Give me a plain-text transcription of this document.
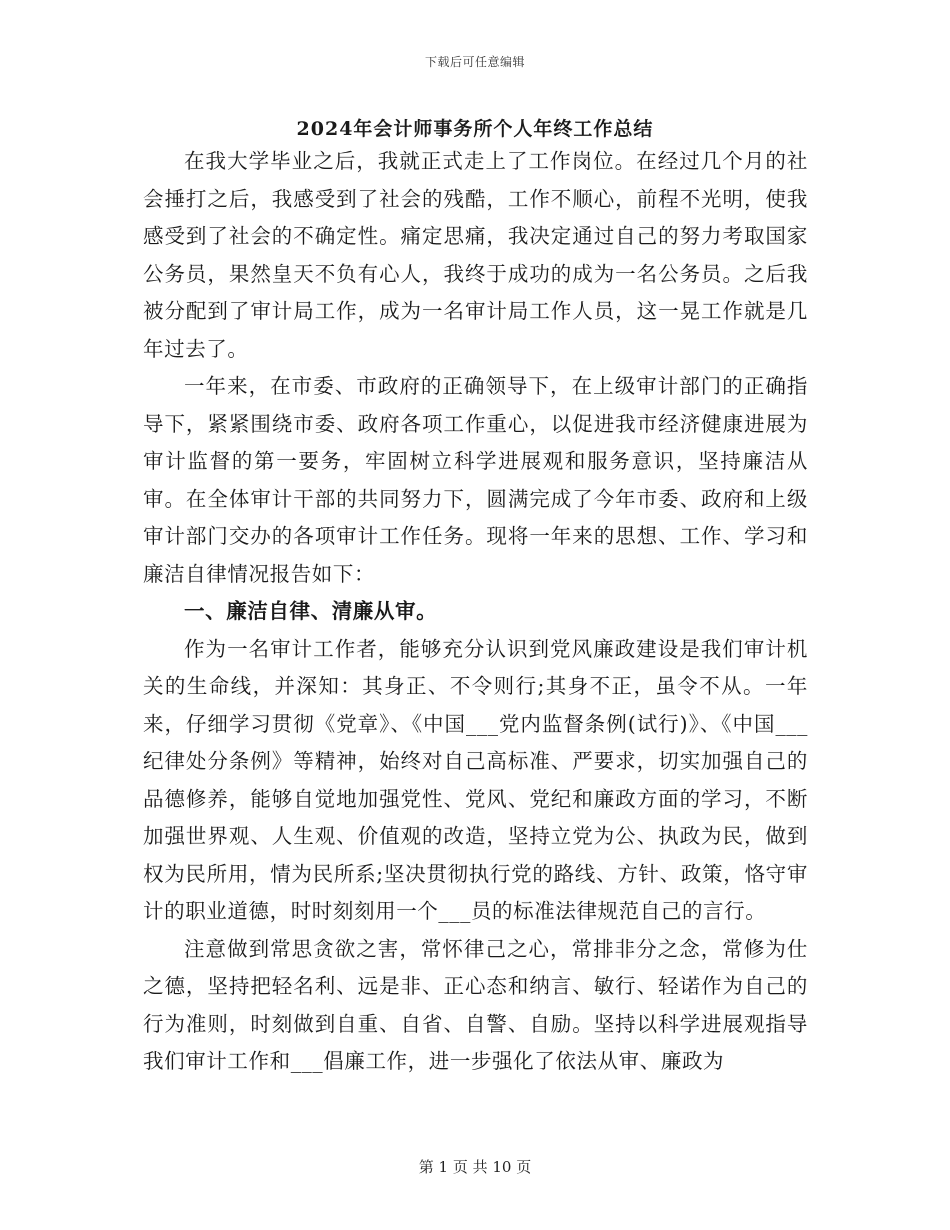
下载后可任意编辑
2024年会计师事务所个人年终工作总结

在我大学毕业之后，我就正式走上了工作岗位。在经过几个月的社会捶打之后，我感受到了社会的残酷，工作不顺心，前程不光明，使我感受到了社会的不确定性。痛定思痛，我决定通过自己的努力考取国家公务员，果然皇天不负有心人，我终于成功的成为一名公务员。之后我被分配到了审计局工作，成为一名审计局工作人员，这一晃工作就是几年过去了。

一年来，在市委、市政府的正确领导下，在上级审计部门的正确指导下，紧紧围绕市委、政府各项工作重心，以促进我市经济健康进展为审计监督的第一要务，牢固树立科学进展观和服务意识，坚持廉洁从审。在全体审计干部的共同努力下，圆满完成了今年市委、政府和上级审计部门交办的各项审计工作任务。现将一年来的思想、工作、学习和廉洁自律情况报告如下：

一、廉洁自律、清廉从审。

作为一名审计工作者，能够充分认识到党风廉政建设是我们审计机关的生命线，并深知：其身正、不令则行;其身不正，虽令不从。一年来，仔细学习贯彻《党章》、《中国___党内监督条例(试行)》、《中国___纪律处分条例》等精神，始终对自己高标准、严要求，切实加强自己的品德修养，能够自觉地加强党性、党风、党纪和廉政方面的学习，不断加强世界观、人生观、价值观的改造，坚持立党为公、执政为民，做到权为民所用，情为民所系;坚决贯彻执行党的路线、方针、政策，恪守审计的职业道德，时时刻刻用一个___员的标准法律规范自己的言行。

注意做到常思贪欲之害，常怀律己之心，常排非分之念，常修为仕之德，坚持把轻名利、远是非、正心态和纳言、敏行、轻诺作为自己的行为准则，时刻做到自重、自省、自警、自励。坚持以科学进展观指导我们审计工作和___倡廉工作，进一步强化了依法从审、廉政为

第 1 页 共 10 页
